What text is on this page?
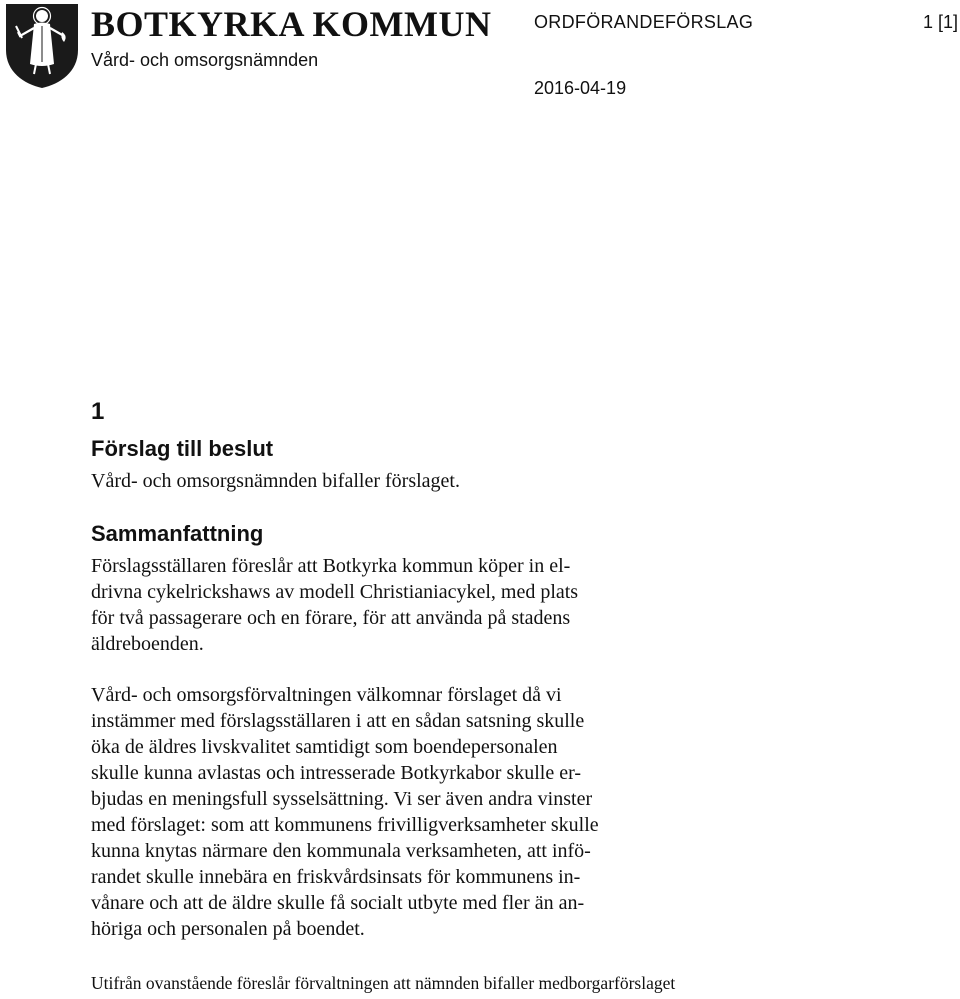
BOTKYRKA KOMMUN
Vård- och omsorgsnämnden
ORDFÖRANDEFÖRSLAG	1 [1]
2016-04-19
1
Förslag till beslut
Vård- och omsorgsnämnden bifaller förslaget.
Sammanfattning
Förslagsställaren föreslår att Botkyrka kommun köper in el-
drivna cykelrickshaws av modell Christianiacykel, med plats
för två passagerare och en förare, för att använda på stadens
äldreboenden.
Vård- och omsorgsförvaltningen välkomnar förslaget då vi
instämmer med förslagsställaren i att en sådan satsning skulle
öka de äldres livskvalitet samtidigt som boendepersonalen
skulle kunna avlastas och intresserade Botkyrkabor skulle er-
bjudas en meningsfull sysselsättning. Vi ser även andra vinster
med förslaget: som att kommunens frivilligverksamheter skulle
kunna knytas närmare den kommunala verksamheten, att infö-
randet skulle innebära en friskvårdsinsats för kommunens in-
vånare och att de äldre skulle få socialt utbyte med fler än an-
höriga och personalen på boendet.
Utifrån ovanstående föreslår förvaltningen att nämnden bifaller medborgarförslaget
